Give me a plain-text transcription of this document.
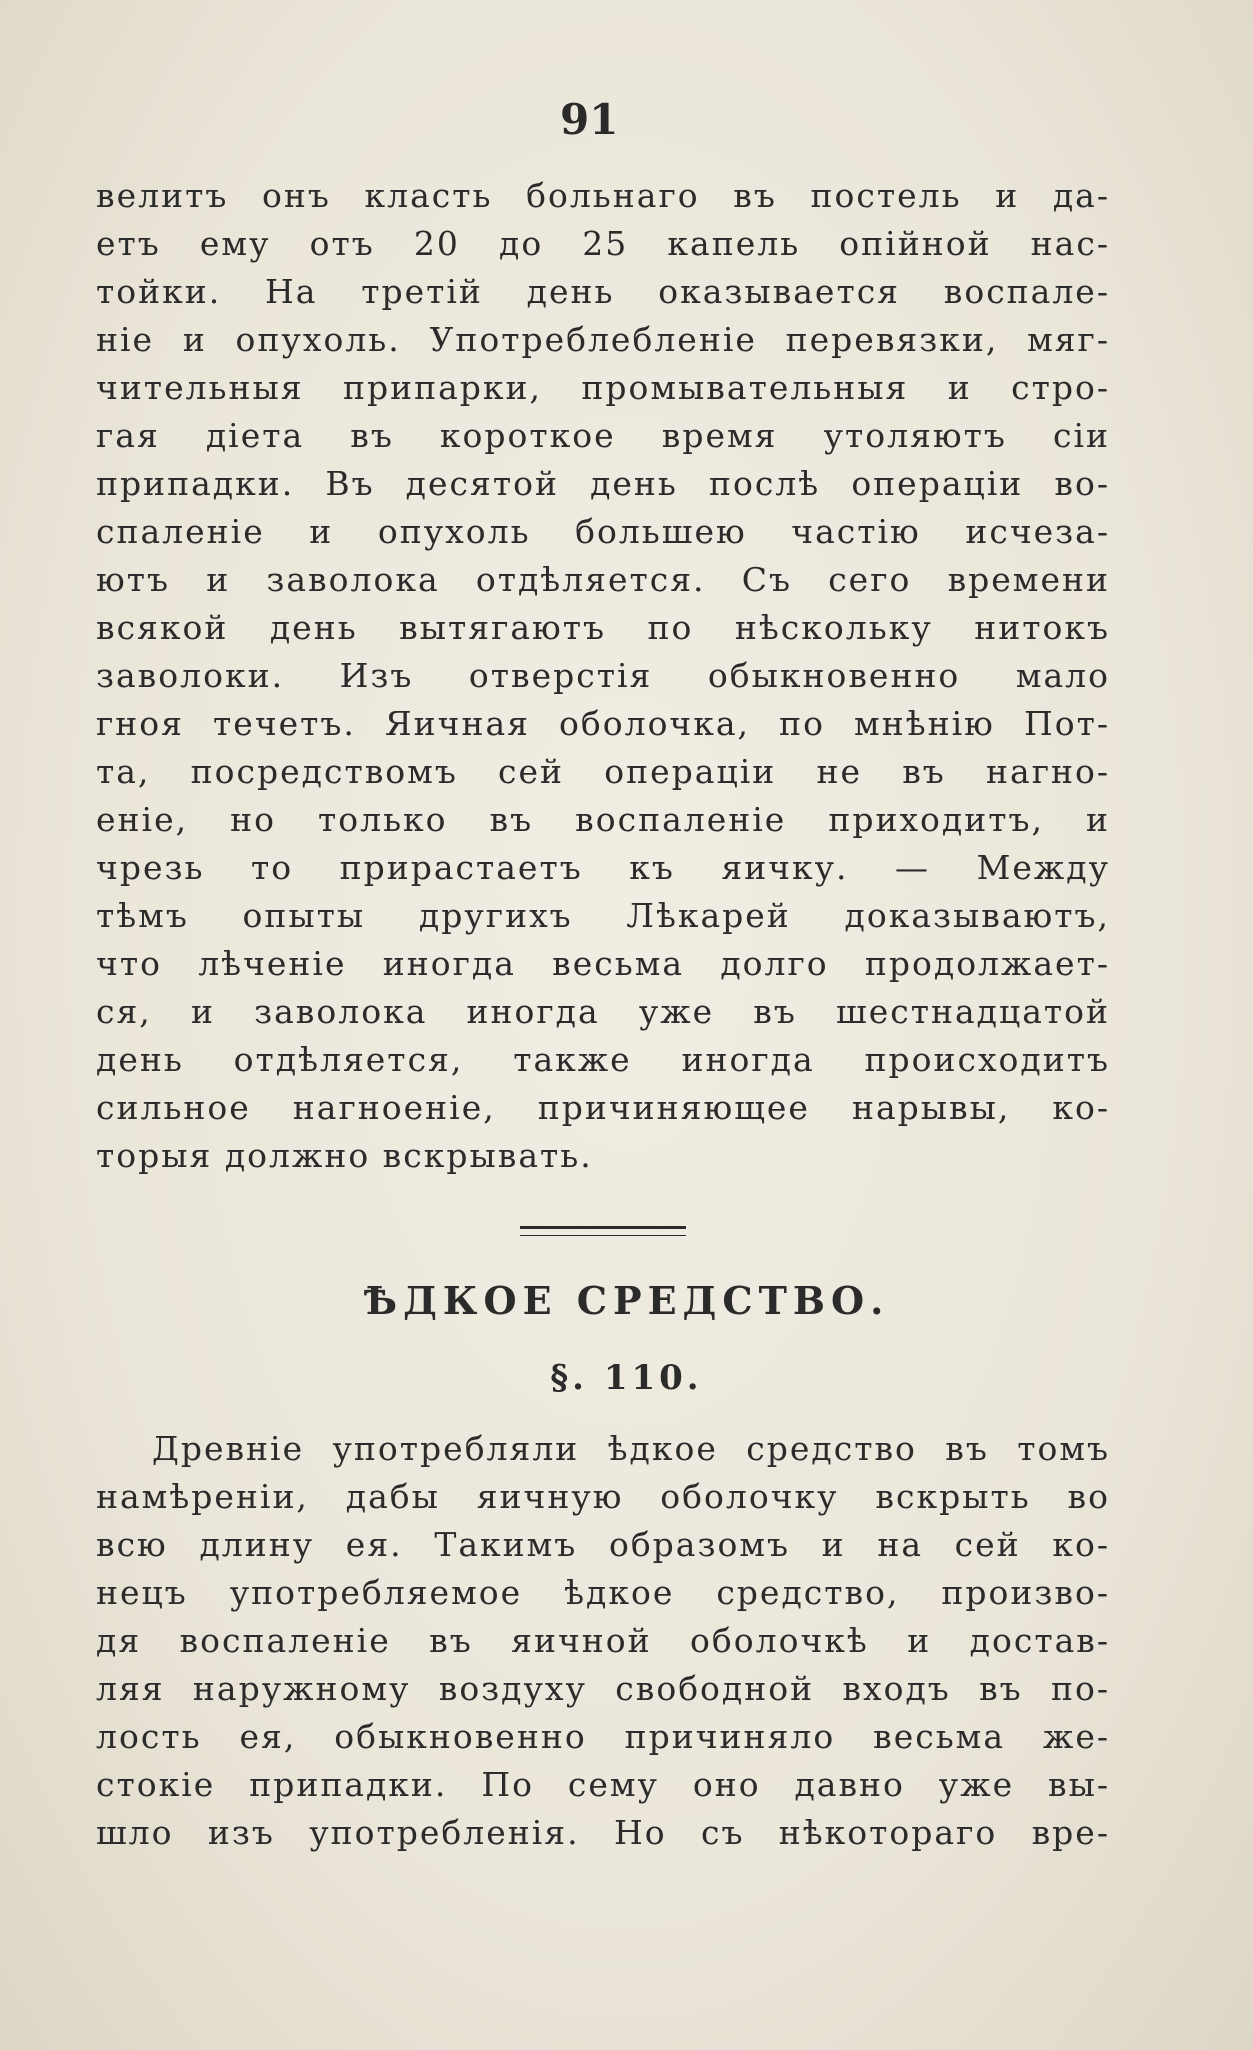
91
велитъ онъ класть больнаго въ постель и да-
етъ ему отъ 20 до 25 капель опiйной нас-
тойки. На третiй день оказывается воспале-
нiе и опухоль. Употреблебленiе перевязки, мяг-
чительныя припарки, промывательныя и стро-
гая дiета въ короткое время утоляютъ сiи
припадки. Въ десятой день послѣ операцiи во-
спаленiе и опухоль большею частiю исчеза-
ютъ и заволока отдѣляется. Съ сего времени
всякой день вытягаютъ по нѣскольку нитокъ
заволоки. Изъ отверстiя обыкновенно мало
гноя течетъ. Яичная оболочка, по мнѣнiю Пот-
та, посредствомъ сей операцiи не въ нагно-
енiе, но только въ воспаленiе приходитъ, и
чрезь то прирастаетъ къ яичку. — Между
тѣмъ опыты другихъ Лѣкарей доказываютъ,
что лѣченiе иногда весьма долго продолжает-
ся, и заволока иногда уже въ шестнадцатой
день отдѣляется, также иногда происходитъ
сильное нагноенiе, причиняющее нарывы, ко-
торыя должно вскрывать.
ѢДКОЕ СРЕДСТВО.
§. 110.
Древнiе употребляли ѣдкое средство въ томъ
намѣренiи, дабы яичную оболочку вскрыть во
всю длину ея. Такимъ образомъ и на сей ко-
нецъ употребляемое ѣдкое средство, произво-
дя воспаленiе въ яичной оболочкѣ и достав-
ляя наружному воздуху свободной входъ въ по-
лость ея, обыкновенно причиняло весьма же-
стокiе припадки. По сему оно давно уже вы-
шло изъ употребленiя. Но съ нѣкотораго вре-
